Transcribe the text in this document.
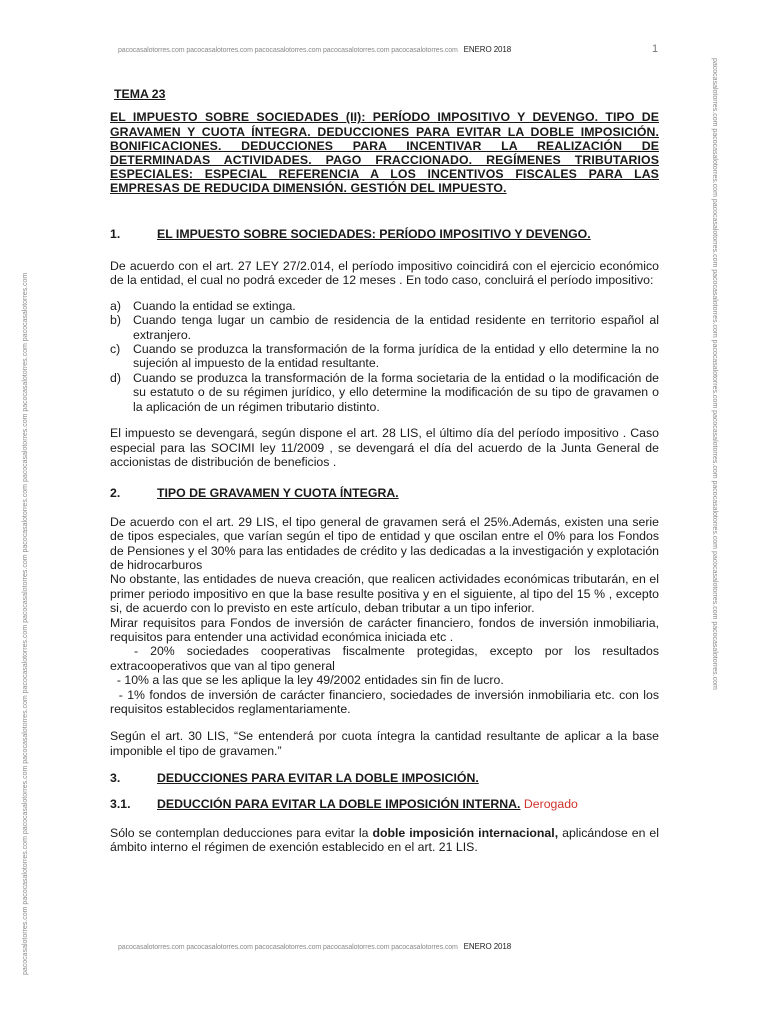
pacocasalotorres.com pacocasalotorres.com pacocasalotorres.com pacocasalotorres.com pacocasalotorres.com ENERO 2018	1
pacocasalotorres.com pacocasalotorres.com pacocasalotorres.com pacocasalotorres.com pacocasalotorres.com pacocasalotorres.com pacocasalotorres.com pacocasalotorres.com pacocasalotorres.com pacocasalotorres.com	pacocasalotorres.com pacocasalotorres.com pacocasalotorres.com pacocasalotorres.com pacocasalotorres.com pacocasalotorres.com pacocasalotorres.com pacocasalotorres.com pacocasalotorres.com
TEMA 23
EL IMPUESTO SOBRE SOCIEDADES (II): PERÍODO IMPOSITIVO Y DEVENGO. TIPO DE GRAVAMEN Y CUOTA ÍNTEGRA. DEDUCCIONES PARA EVITAR LA DOBLE IMPOSICIÓN. BONIFICACIONES. DEDUCCIONES PARA INCENTIVAR LA REALIZACIÓN DE DETERMINADAS ACTIVIDADES. PAGO FRACCIONADO. REGÍMENES TRIBUTARIOS ESPECIALES: ESPECIAL REFERENCIA A LOS INCENTIVOS FISCALES PARA LAS EMPRESAS DE REDUCIDA DIMENSIÓN. GESTIÓN DEL IMPUESTO.
1.	EL IMPUESTO SOBRE SOCIEDADES: PERÍODO IMPOSITIVO Y DEVENGO.

De acuerdo con el art. 27 LEY 27/2.014, el período impositivo coincidirá con el ejercicio económico de la entidad, el cual no podrá exceder de 12 meses . En todo caso, concluirá el período impositivo:

a) Cuando la entidad se extinga.
b) Cuando tenga lugar un cambio de residencia de la entidad residente en territorio español al extranjero.
c) Cuando se produzca la transformación de la forma jurídica de la entidad y ello determine la no sujeción al impuesto de la entidad resultante.
d) Cuando se produzca la transformación de la forma societaria de la entidad o la modificación de su estatuto o de su régimen jurídico, y ello determine la modificación de su tipo de gravamen o la aplicación de un régimen tributario distinto.

El impuesto se devengará, según dispone el art. 28 LIS, el último día del período impositivo . Caso especial para las SOCIMI ley 11/2009 , se devengará el día del acuerdo de la Junta General de accionistas de distribución de beneficios .

2.	TIPO DE GRAVAMEN Y CUOTA ÍNTEGRA.

De acuerdo con el art. 29 LIS, el tipo general de gravamen será el 25%.Además, existen una serie de tipos especiales, que varían según el tipo de entidad y que oscilan entre el 0% para los Fondos de Pensiones y el 30% para las entidades de crédito y las dedicadas a la investigación y explotación de hidrocarburos

No obstante, las entidades de nueva creación, que realicen actividades económicas tributarán, en el primer periodo impositivo en que la base resulte positiva y en el siguiente, al tipo del 15 % , excepto si, de acuerdo con lo previsto en este artículo, deban tributar a un tipo inferior.

Mirar requisitos para Fondos de inversión de carácter financiero, fondos de inversión inmobiliaria, requisitos para entender una actividad económica iniciada etc .

- 20% sociedades cooperativas fiscalmente protegidas, excepto por los resultados extracooperativos que van al tipo general

- 10% a las que se les aplique la ley 49/2002 entidades sin fin de lucro.

- 1% fondos de inversión de carácter financiero, sociedades de inversión inmobiliaria etc. con los requisitos establecidos reglamentariamente.

Según el art. 30 LIS, “Se entenderá por cuota íntegra la cantidad resultante de aplicar a la base imponible el tipo de gravamen.”

3.	DEDUCCIONES PARA EVITAR LA DOBLE IMPOSICIÓN.
3.1. DEDUCCIÓN PARA EVITAR LA DOBLE IMPOSICIÓN INTERNA. Derogado

Sólo se contemplan deducciones para evitar la doble imposición internacional, aplicándose en el ámbito interno el régimen de exención establecido en el art. 21 LIS.

pacocasalotorres.com pacocasalotorres.com pacocasalotorres.com pacocasalotorres.com pacocasalotorres.com ENERO 2018
